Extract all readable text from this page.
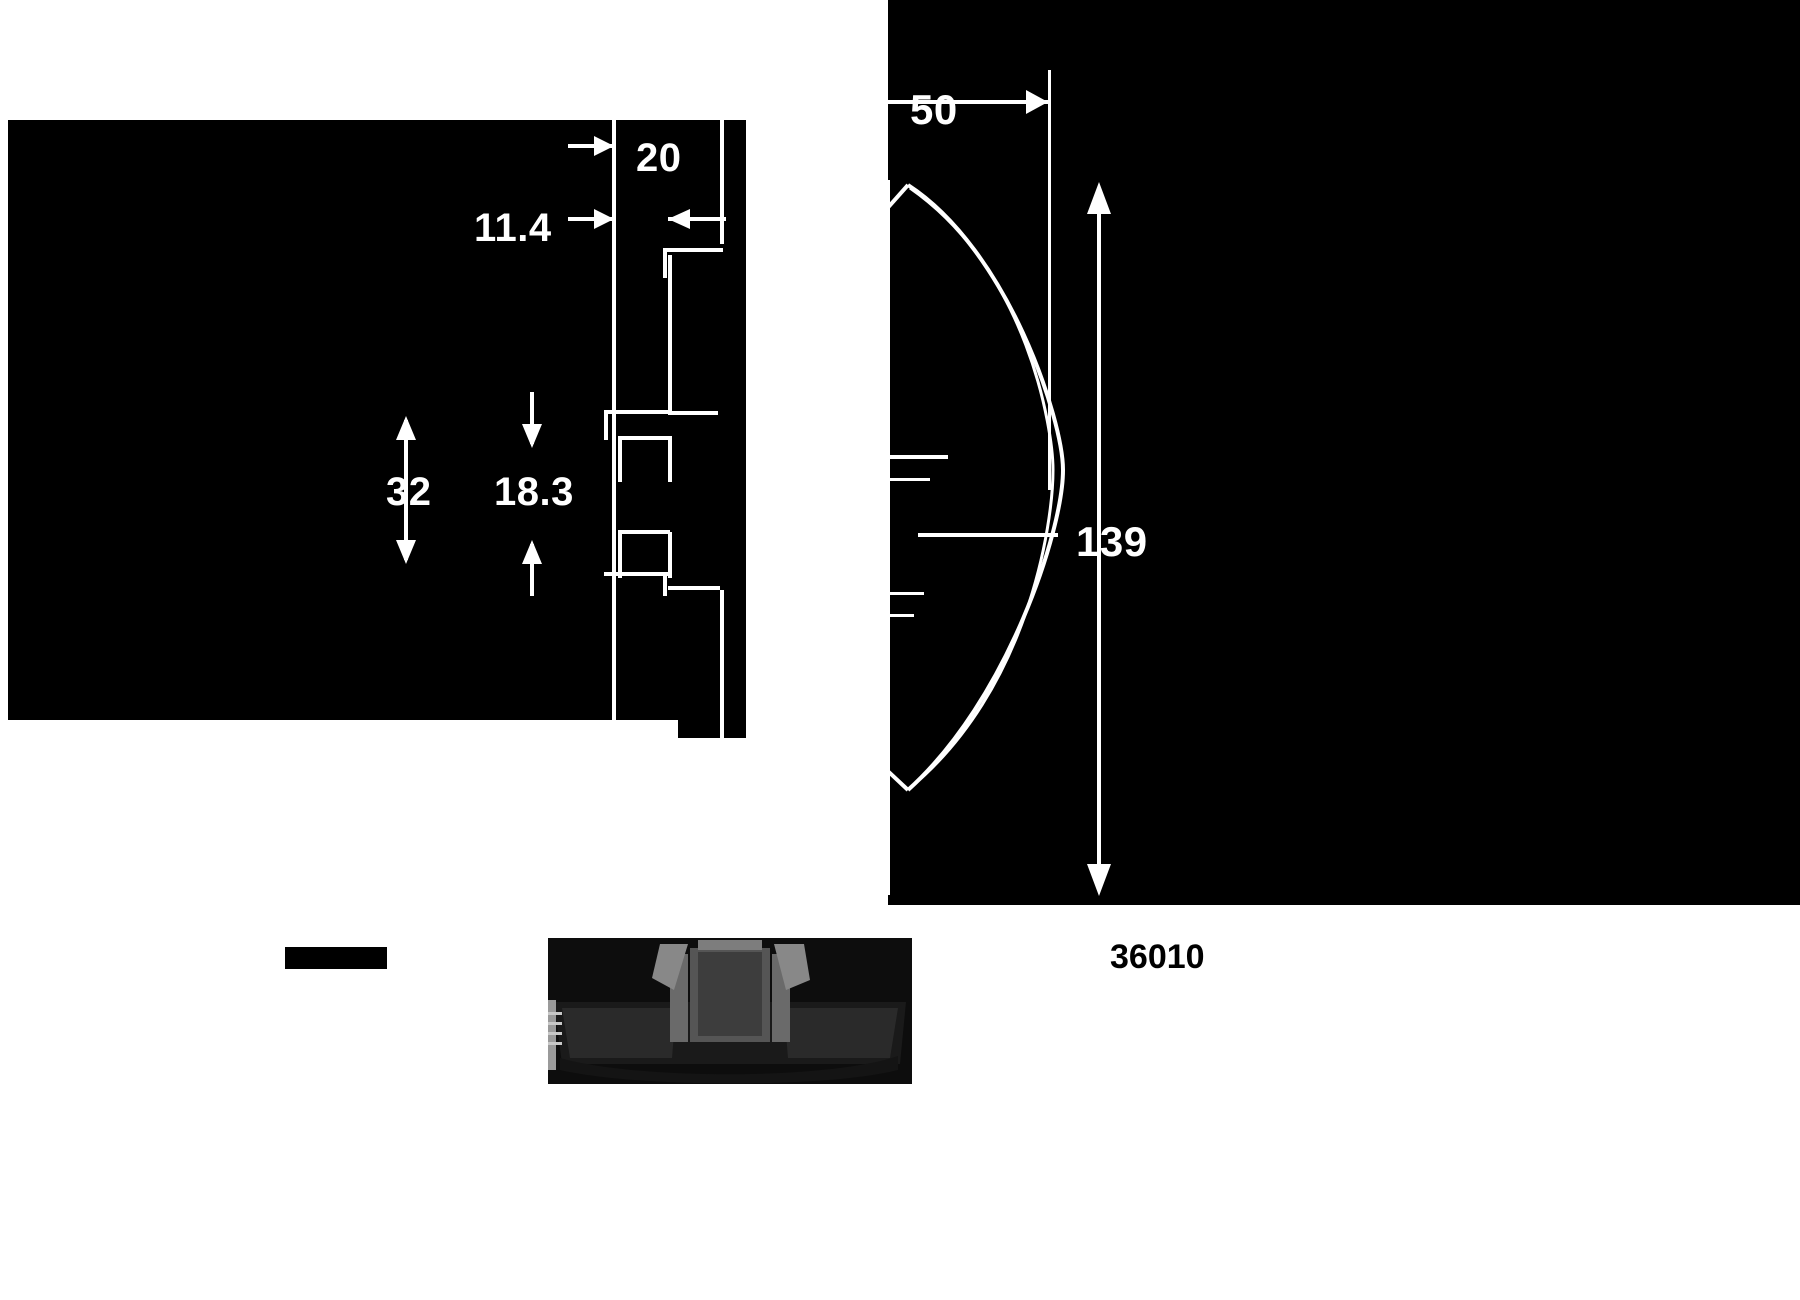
20
11.4
32 18.3
50
139
36010
